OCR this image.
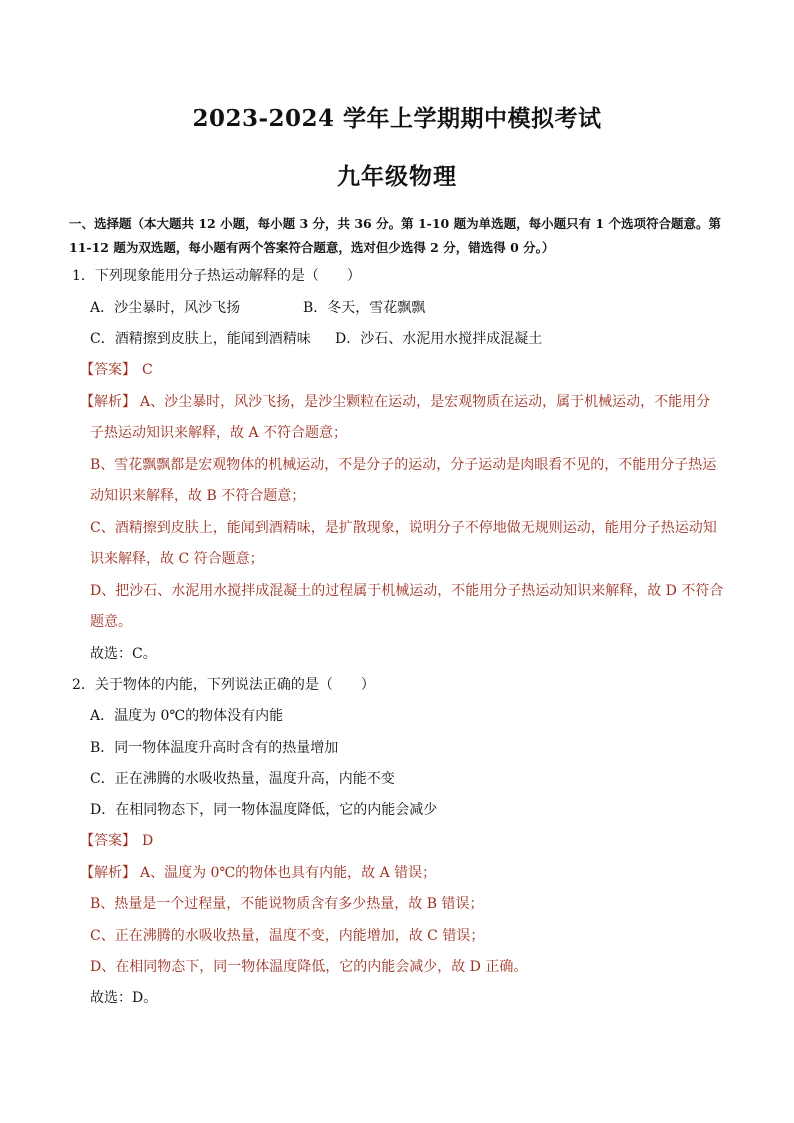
2023-2024 学年上学期期中模拟考试
九年级物理
一、选择题（本大题共 12 小题，每小题 3 分，共 36 分。第 1-10 题为单选题，每小题只有 1 个选项符合题意。第 11-12 题为双选题，每小题有两个答案符合题意，选对但少选得 2 分，错选得 0 分。）
1．下列现象能用分子热运动解释的是（　　）
A．沙尘暴时，风沙飞扬	B．冬天，雪花飘飘
C．酒精擦到皮肤上，能闻到酒精味 D．沙石、水泥用水搅拌成混凝土
【答案】 C
【解析】 A、沙尘暴时，风沙飞扬，是沙尘颗粒在运动，是宏观物质在运动，属于机械运动，不能用分
子热运动知识来解释，故 A 不符合题意；
B、雪花飘飘都是宏观物体的机械运动，不是分子的运动，分子运动是肉眼看不见的，不能用分子热运
动知识来解释，故 B 不符合题意；
C、酒精擦到皮肤上，能闻到酒精味，是扩散现象，说明分子不停地做无规则运动，能用分子热运动知
识来解释，故 C 符合题意；
D、把沙石、水泥用水搅拌成混凝土的过程属于机械运动，不能用分子热运动知识来解释，故 D 不符合
题意。
故选：C。
2．关于物体的内能，下列说法正确的是（　　）
A．温度为 0℃的物体没有内能
B．同一物体温度升高时含有的热量增加
C．正在沸腾的水吸收热量，温度升高，内能不变
D．在相同物态下，同一物体温度降低，它的内能会减少
【答案】 D
【解析】 A、温度为 0℃的物体也具有内能，故 A 错误；
B、热量是一个过程量，不能说物质含有多少热量，故 B 错误；
C、正在沸腾的水吸收热量，温度不变，内能增加，故 C 错误；
D、在相同物态下，同一物体温度降低，它的内能会减少，故 D 正确。
故选：D。
